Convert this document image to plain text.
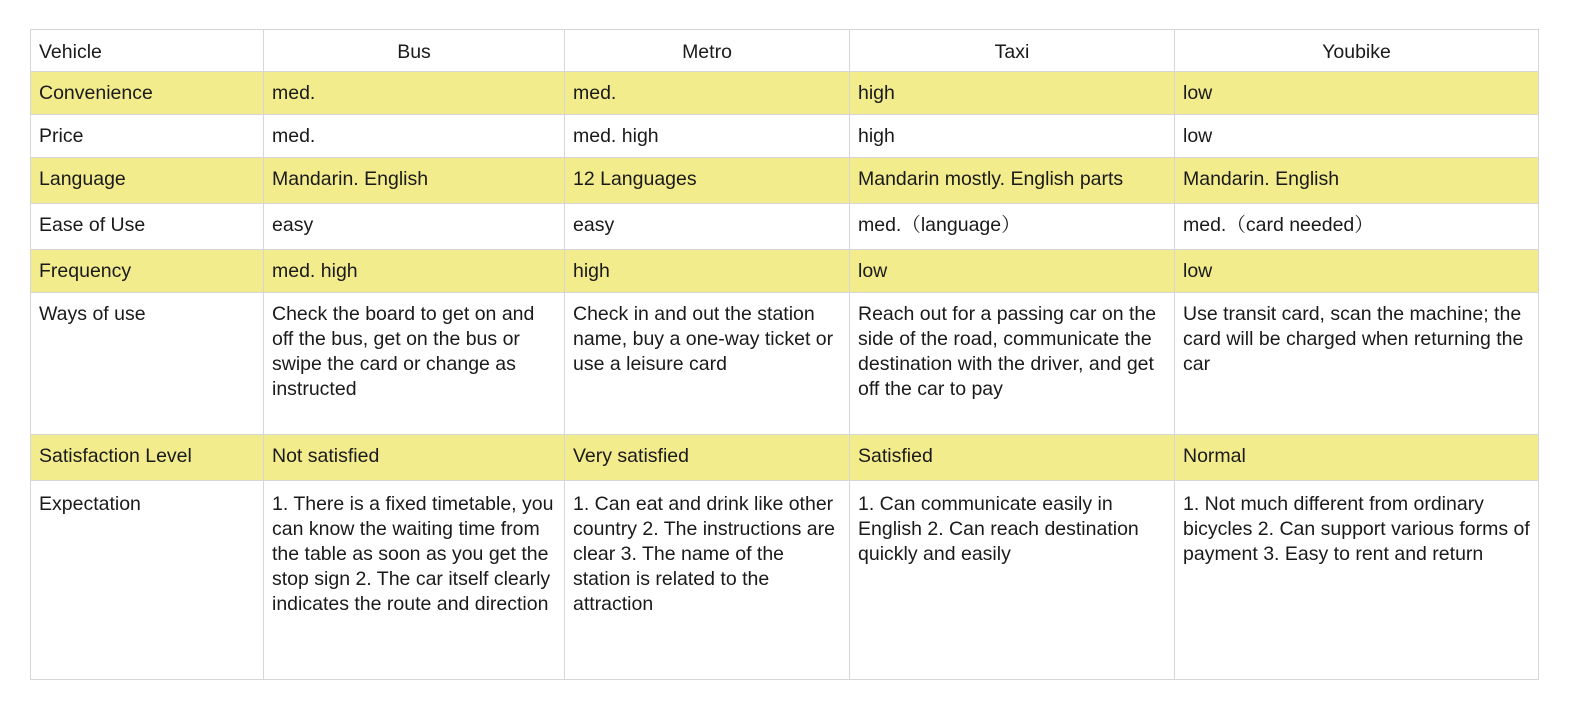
Vehicle	Bus	Metro	Taxi	Youbike
Convenience	med.	med.	high	low
Price	med.	med. high	high	low
Language	Mandarin. English	12 Languages	Mandarin mostly. English parts	Mandarin. English
Ease of Use	easy	easy	med.（language）	med.（card needed）
Frequency	med. high	high	low	low
Ways of use	Check the board to get on and off the bus, get on the bus or swipe the card or change as instructed	Check in and out the station name, buy a one-way ticket or use a leisure card	Reach out for a passing car on the side of the road, communicate the destination with the driver, and get off the car to pay	Use transit card, scan the machine; the card will be charged when returning the car
Satisfaction Level	Not satisfied	Very satisfied	Satisfied	Normal
Expectation	1. There is a fixed timetable, you can know the waiting time from the table as soon as you get the stop sign 2. The car itself clearly indicates the route and direction	1. Can eat and drink like other country 2. The instructions are clear 3. The name of the station is related to the attraction	1. Can communicate easily in English 2. Can reach destination quickly and easily	1. Not much different from ordinary bicycles 2. Can support various forms of payment 3. Easy to rent and return
